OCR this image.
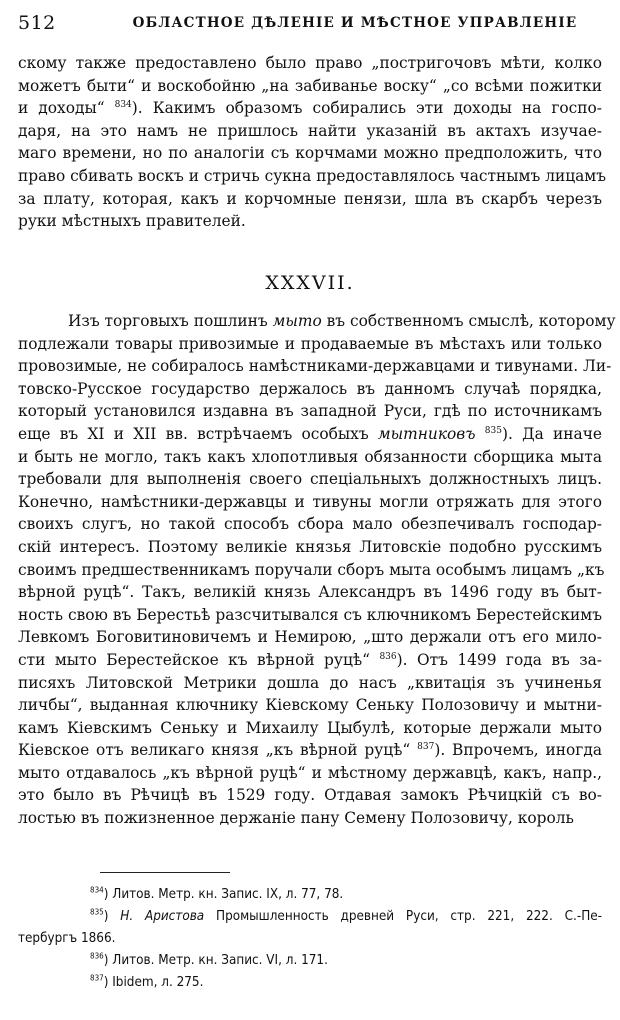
512	ОБЛАСТНОЕ ДѢЛЕНІЕ И МѢСТНОЕ УПРАВЛЕНІЕ
скому также предоставлено было право „постригочовъ мѣти, колко
можетъ быти“ и воскобойню „на забиванье воску“ „со всѣми пожитки
и доходы“ $^{834}$). Какимъ образомъ собирались эти доходы на госпо-
даря, на это намъ не пришлось найти указаній въ актахъ изучае-
маго времени, но по аналогіи съ корчмами можно предположить, что
право сбивать воскъ и стричь сукна предоставлялось частнымъ лицамъ
за плату, которая, какъ и корчомные пенязи, шла въ скарбъ черезъ
руки мѣстныхъ правителей.
XXXVII.
Изъ торговыхъ пошлинъ мыто въ собственномъ смыслѣ, которому
подлежали товары привозимые и продаваемые въ мѣстахъ или только
провозимые, не собиралось намѣстниками-державцами и тивунами. Ли-
товско-Русское государство держалось въ данномъ случаѣ порядка,
который установился издавна въ западной Руси, гдѣ по источникамъ
еще въ XI и XII вв. встрѣчаемъ особыхъ мытниковъ $^{835}$). Да иначе
и быть не могло, такъ какъ хлопотливыя обязанности сборщика мыта
требовали для выполненія своего спеціальныхъ должностныхъ лицъ.
Конечно, намѣстники-державцы и тивуны могли отряжать для этого
своихъ слугъ, но такой способъ сбора мало обезпечивалъ господар-
скій интересъ. Поэтому великіе князья Литовскіе подобно русскимъ
своимъ предшественникамъ поручали сборъ мыта особымъ лицамъ „къ
вѣрной руцѣ“. Такъ, великій князь Александръ въ 1496 году въ быт-
ность свою въ Берестьѣ разсчитывался съ ключникомъ Берестейскимъ
Левкомъ Боговитиновичемъ и Немирою, „што держали отъ его мило-
сти мыто Берестейское къ вѣрной руцѣ“ $^{836}$). Отъ 1499 года въ за-
писяхъ Литовской Метрики дошла до насъ „квитація зъ учиненья
личбы“, выданная ключнику Кіевскому Сеньку Полозовичу и мытни-
камъ Кіевскимъ Сеньку и Михаилу Цыбулѣ, которые держали мыто
Кіевское отъ великаго князя „къ вѣрной руцѣ“ $^{837}$). Впрочемъ, иногда
мыто отдавалось „къ вѣрной руцѣ“ и мѣстному державцѣ, какъ, напр.,
это было въ Рѣчицѣ въ 1529 году. Отдавая замокъ Рѣчицкій съ во-
лостью въ пожизненное держаніе пану Семену Полозовичу, король
$^{834}$) Литов. Метр. кн. Запис. IX, л. 77, 78.
$^{835}$) Н. Аристова Промышленность древней Руси, стр. 221, 222. С.-Пе-
тербургъ 1866.
$^{836}$) Литов. Метр. кн. Запис. VI, л. 171.
$^{837}$) Ibidem, л. 275.
